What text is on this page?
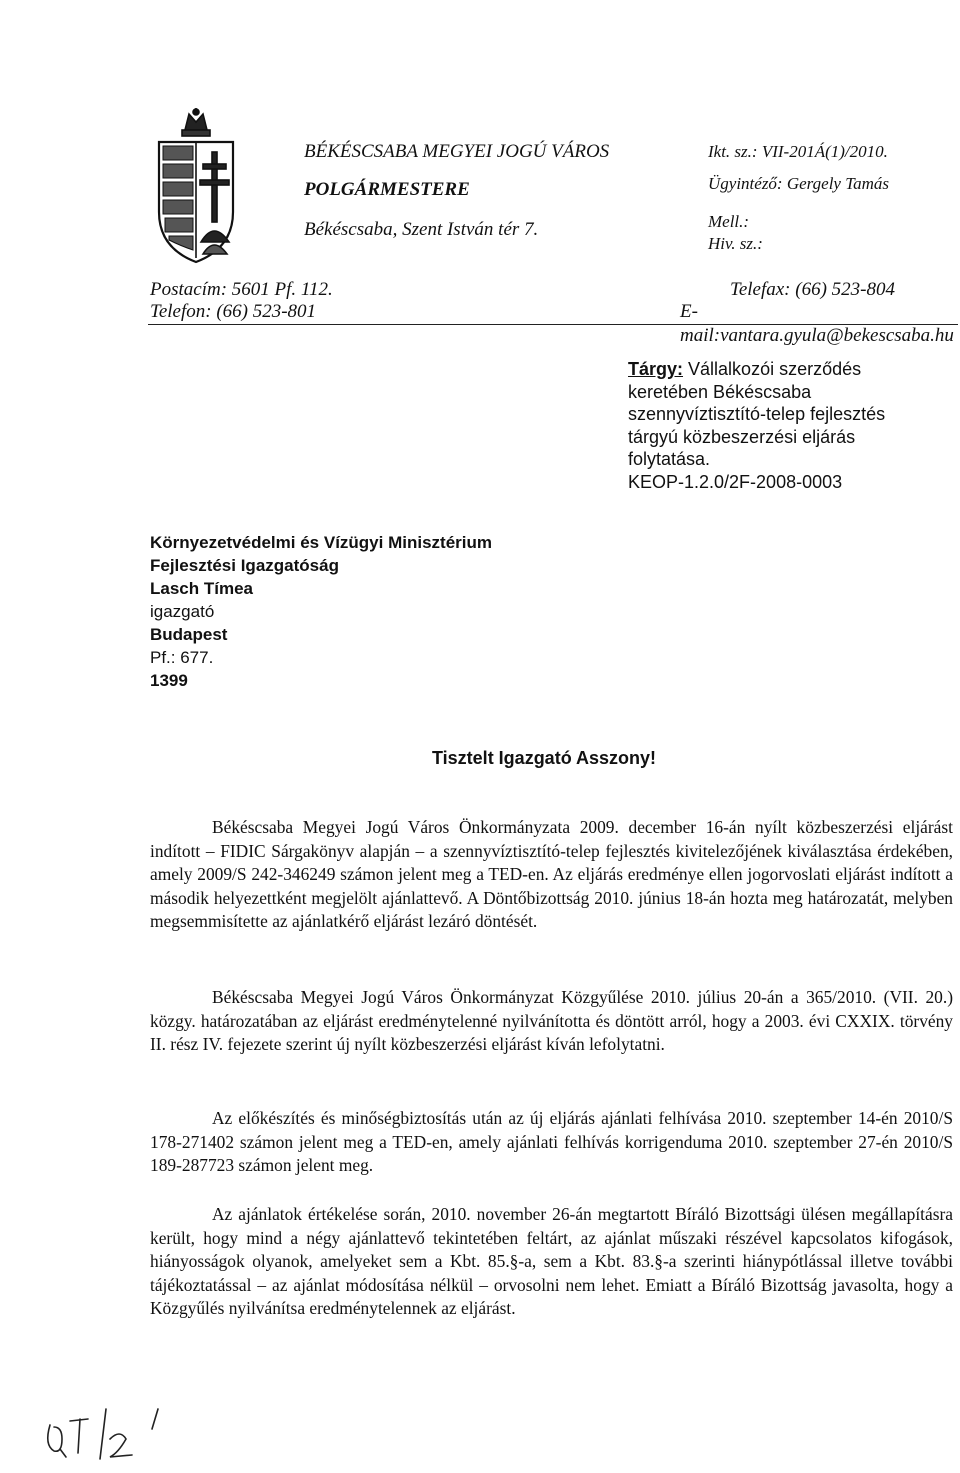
BÉKÉSCSABA MEGYEI JOGÚ VÁROS
POLGÁRMESTERE
Békéscsaba, Szent István tér 7.
Ikt. sz.: VII-201Á(1)/2010.
Ügyintéző: Gergely Tamás
Mell.:
Hiv. sz.:
Postacím: 5601 Pf. 112.
Telefon: (66) 523-801
Telefax: (66) 523-804
E-mail:vantara.gyula@bekescsaba.hu
Tárgy: Vállalkozói szerződés
keretében Békéscsaba
szennyvíztisztító-telep fejlesztés
tárgyú közbeszerzési eljárás
folytatása.
KEOP-1.2.0/2F-2008-0003
Környezetvédelmi és Vízügyi Minisztérium
Fejlesztési Igazgatóság
Lasch Tímea
igazgató
Budapest
Pf.: 677.
1399
Tisztelt Igazgató Asszony!
Békéscsaba Megyei Jogú Város Önkormányzata 2009. december 16-án nyílt közbeszerzési eljárást indított – FIDIC Sárgakönyv alapján – a szennyvíztisztító-telep fejlesztés kivitelezőjének kiválasztása érdekében, amely 2009/S 242-346249 számon jelent meg a TED-en. Az eljárás eredménye ellen jogorvoslati eljárást indított a második helyezettként megjelölt ajánlattevő. A Döntőbizottság 2010. június 18-án hozta meg határozatát, melyben megsemmisítette az ajánlatkérő eljárást lezáró döntését.
Békéscsaba Megyei Jogú Város Önkormányzat Közgyűlése 2010. július 20-án a 365/2010. (VII. 20.) közgy. határozatában az eljárást eredménytelenné nyilvánította és döntött arról, hogy a 2003. évi CXXIX. törvény II. rész IV. fejezete szerint új nyílt közbeszerzési eljárást kíván lefolytatni.
Az előkészítés és minőségbiztosítás után az új eljárás ajánlati felhívása 2010. szeptember 14-én 2010/S 178-271402 számon jelent meg a TED-en, amely ajánlati felhívás korrigenduma 2010. szeptember 27-én 2010/S 189-287723 számon jelent meg.
Az ajánlatok értékelése során, 2010. november 26-án megtartott Bíráló Bizottsági ülésen megállapításra került, hogy mind a négy ajánlattevő tekintetében feltárt, az ajánlat műszaki részével kapcsolatos kifogások, hiányosságok olyanok, amelyeket sem a Kbt. 85.§-a, sem a Kbt. 83.§-a szerinti hiánypótlással illetve további tájékoztatással – az ajánlat módosítása nélkül – orvosolni nem lehet. Emiatt a Bíráló Bizottság javasolta, hogy a Közgyűlés nyilvánítsa eredménytelennek az eljárást.
